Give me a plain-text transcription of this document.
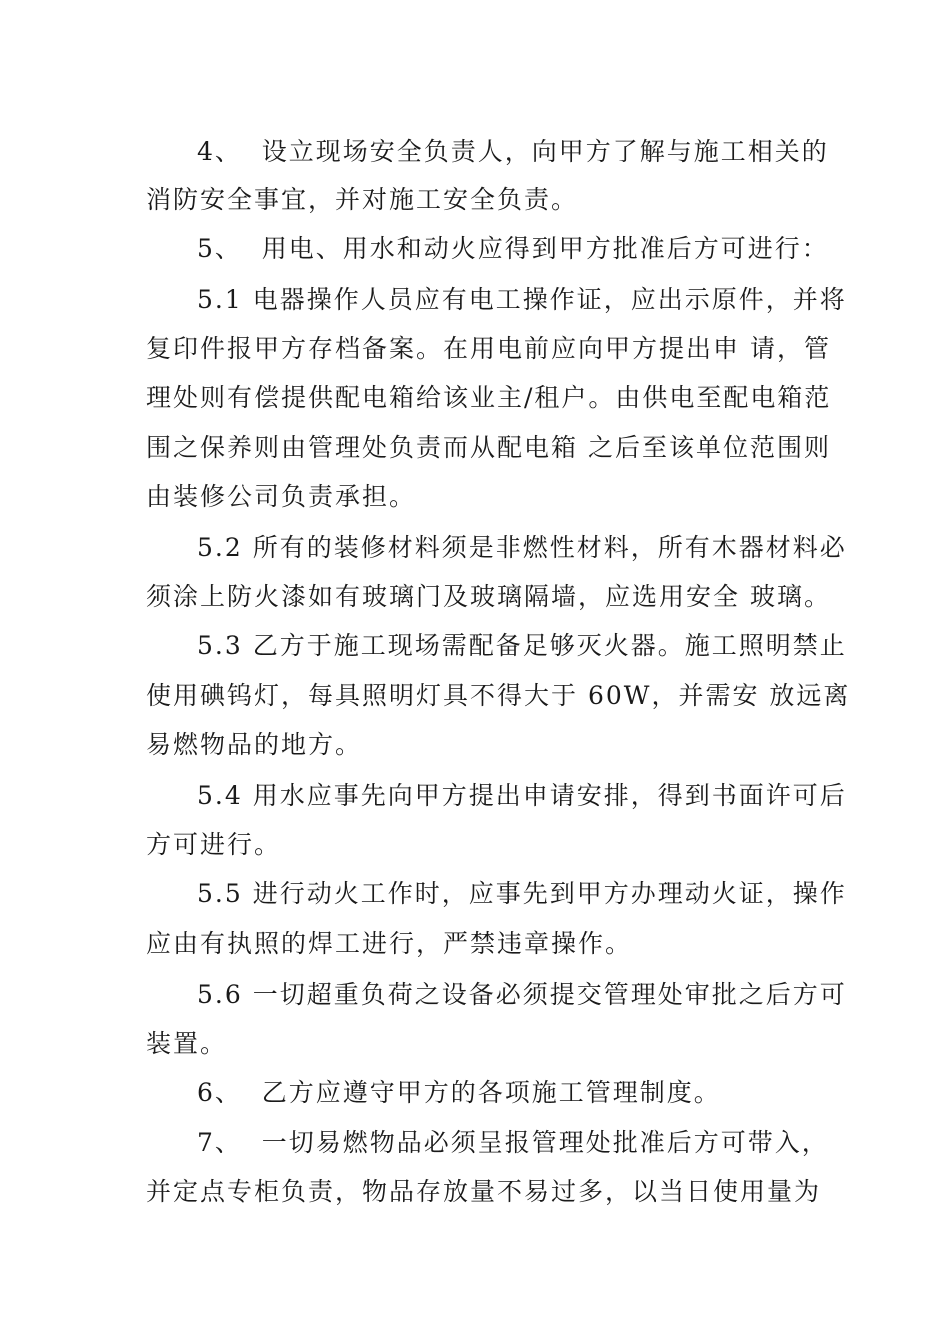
4、  设立现场安全负责人，向甲方了解与施工相关的
消防安全事宜，并对施工安全负责。
5、  用电、用水和动火应得到甲方批准后方可进行：
5.1 电器操作人员应有电工操作证，应出示原件，并将
复印件报甲方存档备案。在用电前应向甲方提出申 请，管
理处则有偿提供配电箱给该业主/租户。由供电至配电箱范
围之保养则由管理处负责而从配电箱 之后至该单位范围则
由装修公司负责承担。
5.2 所有的装修材料须是非燃性材料，所有木器材料必
须涂上防火漆如有玻璃门及玻璃隔墙，应选用安全 玻璃。
5.3 乙方于施工现场需配备足够灭火器。施工照明禁止
使用碘钨灯，每具照明灯具不得大于 60W，并需安 放远离
易燃物品的地方。
5.4 用水应事先向甲方提出申请安排，得到书面许可后
方可进行。
5.5 进行动火工作时，应事先到甲方办理动火证，操作
应由有执照的焊工进行，严禁违章操作。
5.6 一切超重负荷之设备必须提交管理处审批之后方可
装置。
6、  乙方应遵守甲方的各项施工管理制度。
7、  一切易燃物品必须呈报管理处批准后方可带入，
并定点专柜负责，物品存放量不易过多，以当日使用量为
